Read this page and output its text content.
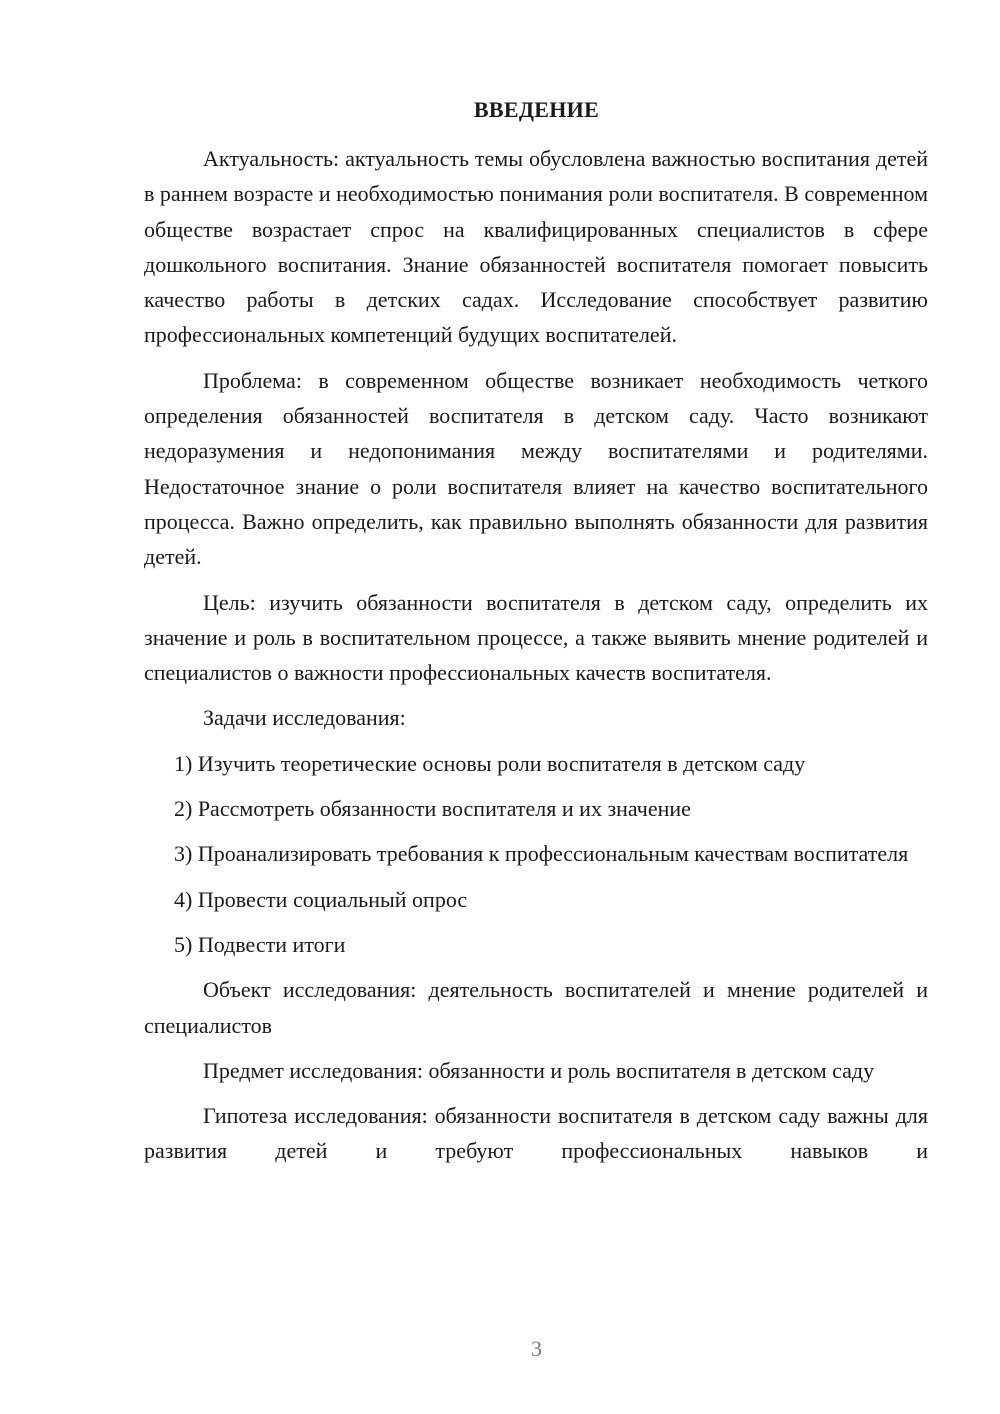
ВВЕДЕНИЕ

Актуальность: актуальность темы обусловлена важностью воспитания детей в раннем возрасте и необходимостью понимания роли воспитателя. В современном обществе возрастает спрос на квалифицированных специалистов в сфере дошкольного воспитания. Знание обязанностей воспитателя помогает повысить качество работы в детских садах. Исследование способствует развитию профессиональных компетенций будущих воспитателей.

Проблема: в современном обществе возникает необходимость четкого определения обязанностей воспитателя в детском саду. Часто возникают недоразумения и недопонимания между воспитателями и родителями. Недостаточное знание о роли воспитателя влияет на качество воспитательного процесса. Важно определить, как правильно выполнять обязанности для развития детей.

Цель: изучить обязанности воспитателя в детском саду, определить их значение и роль в воспитательном процессе, а также выявить мнение родителей и специалистов о важности профессиональных качеств воспитателя.

Задачи исследования:

1) Изучить теоретические основы роли воспитателя в детском саду

2) Рассмотреть обязанности воспитателя и их значение

3) Проанализировать требования к профессиональным качествам воспитателя

4) Провести социальный опрос

5) Подвести итоги

Объект исследования: деятельность воспитателей и мнение родителей и специалистов

Предмет исследования: обязанности и роль воспитателя в детском саду

Гипотеза исследования: обязанности воспитателя в детском саду важны для развития детей и требуют профессиональных навыков и

3
